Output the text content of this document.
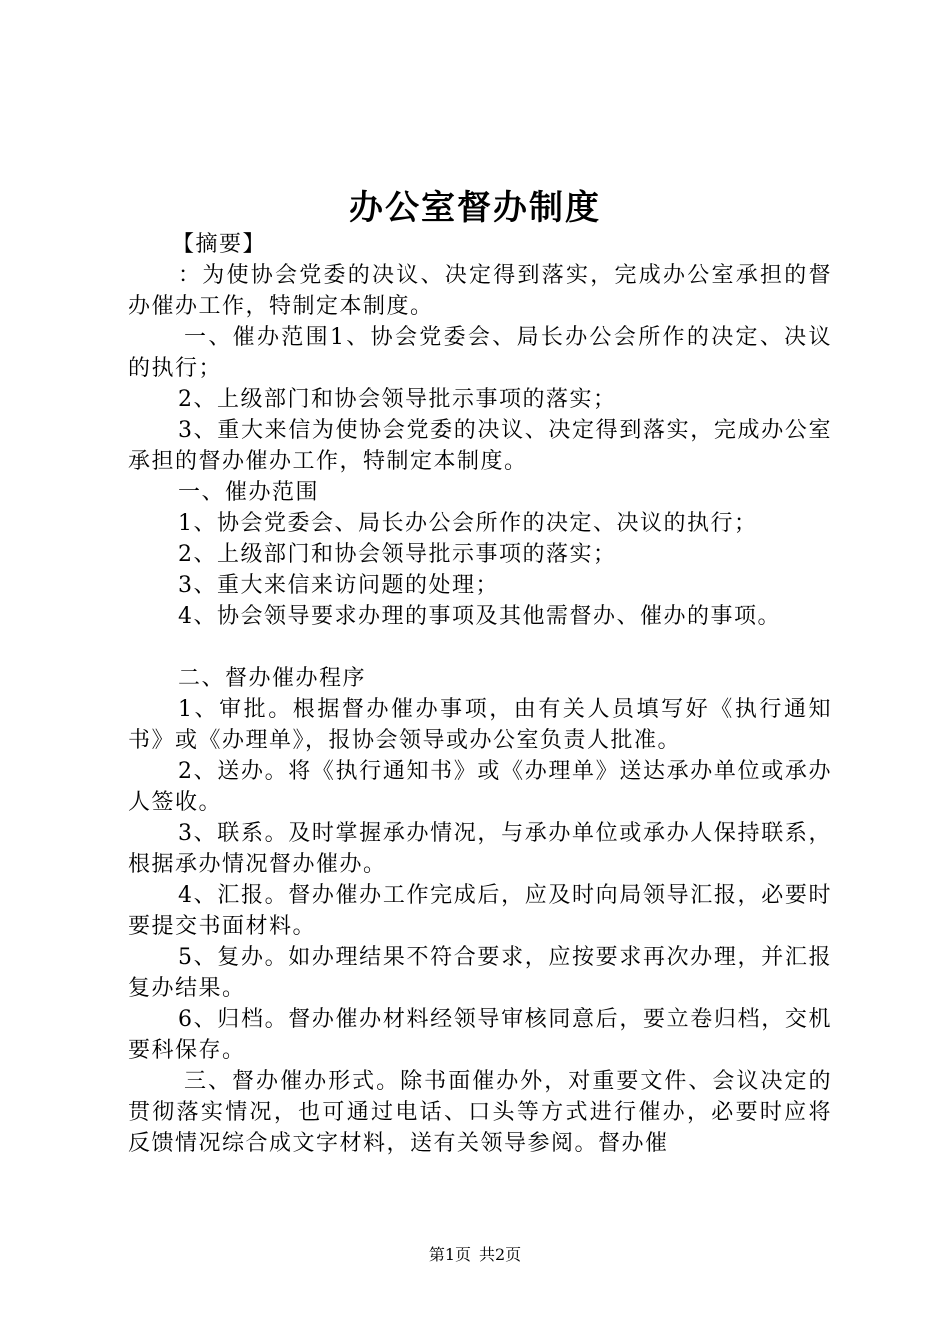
办公室督办制度

【摘要】

：为使协会党委的决议、决定得到落实，完成办公室承担的督办催办工作，特制定本制度。

一、催办范围1、协会党委会、局长办公会所作的决定、决议的执行；

2、上级部门和协会领导批示事项的落实；

3、重大来信为使协会党委的决议、决定得到落实，完成办公室承担的督办催办工作，特制定本制度。

一、催办范围

1、协会党委会、局长办公会所作的决定、决议的执行；

2、上级部门和协会领导批示事项的落实；

3、重大来信来访问题的处理；

4、协会领导要求办理的事项及其他需督办、催办的事项。

二、督办催办程序

1、审批。根据督办催办事项，由有关人员填写好《执行通知书》或《办理单》，报协会领导或办公室负责人批准。

2、送办。将《执行通知书》或《办理单》送达承办单位或承办人签收。

3、联系。及时掌握承办情况，与承办单位或承办人保持联系，根据承办情况督办催办。

4、汇报。督办催办工作完成后，应及时向局领导汇报，必要时要提交书面材料。

5、复办。如办理结果不符合要求，应按要求再次办理，并汇报复办结果。

6、归档。督办催办材料经领导审核同意后，要立卷归档，交机要科保存。

三、督办催办形式。除书面催办外，对重要文件、会议决定的贯彻落实情况，也可通过电话、口头等方式进行催办，必要时应将反馈情况综合成文字材料，送有关领导参阅。督办催

第1页 共2页
